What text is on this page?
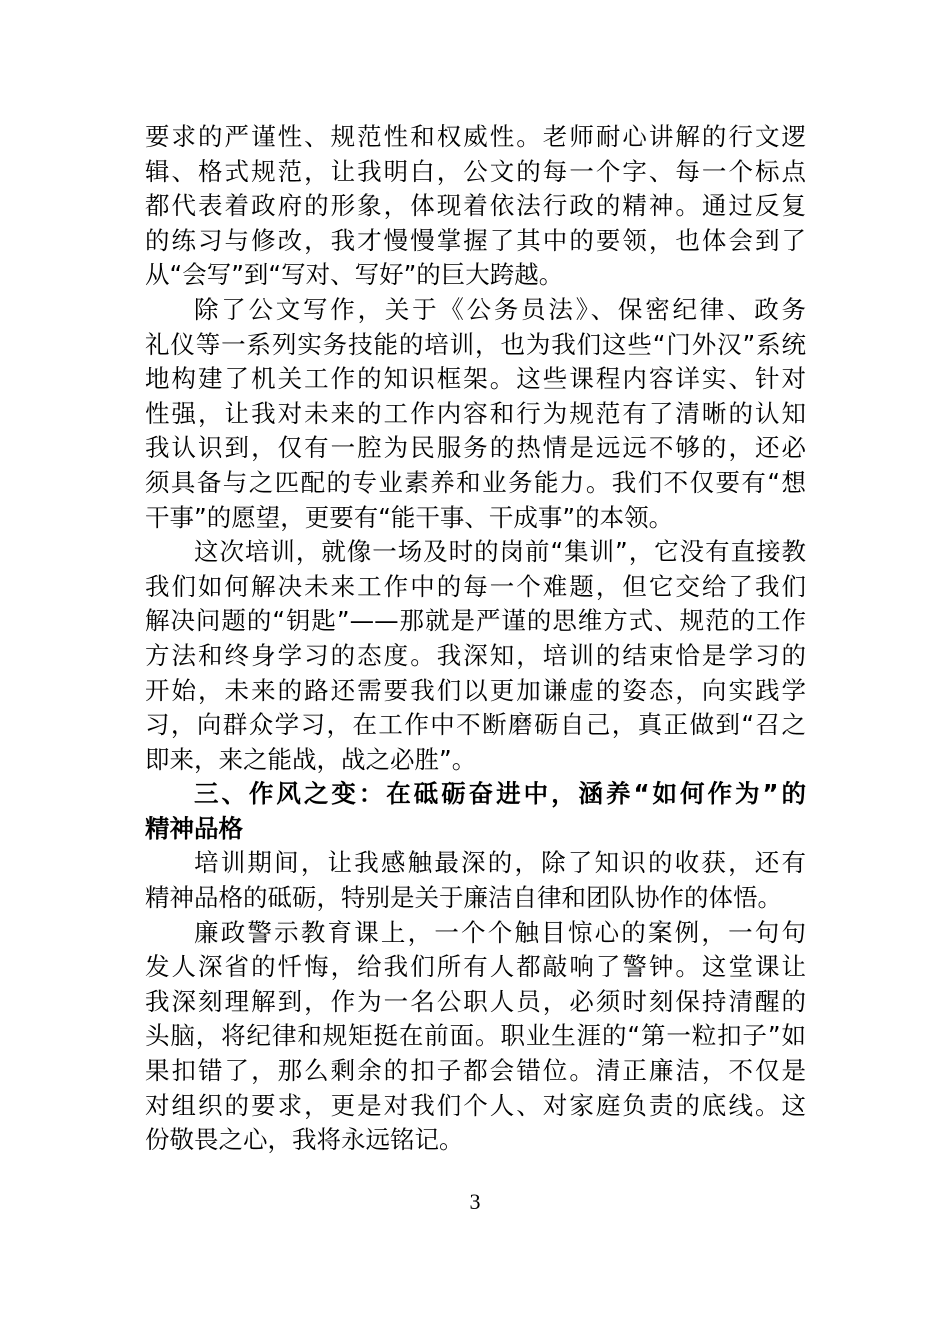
要求的严谨性、规范性和权威性。老师耐心讲解的行文逻
辑、格式规范，让我明白，公文的每一个字、每一个标点
都代表着政府的形象，体现着依法行政的精神。通过反复
的练习与修改，我才慢慢掌握了其中的要领，也体会到了
从“会写”到“写对、写好”的巨大跨越。
除了公文写作，关于《公务员法》、保密纪律、政务
礼仪等一系列实务技能的培训，也为我们这些“门外汉”系统
地构建了机关工作的知识框架。这些课程内容详实、针对
性强，让我对未来的工作内容和行为规范有了清晰的认知
我认识到，仅有一腔为民服务的热情是远远不够的，还必
须具备与之匹配的专业素养和业务能力。我们不仅要有“想
干事”的愿望，更要有“能干事、干成事”的本领。
这次培训，就像一场及时的岗前“集训”，它没有直接教
我们如何解决未来工作中的每一个难题，但它交给了我们
解决问题的“钥匙”——那就是严谨的思维方式、规范的工作
方法和终身学习的态度。我深知，培训的结束恰是学习的
开始，未来的路还需要我们以更加谦虚的姿态，向实践学
习，向群众学习，在工作中不断磨砺自己，真正做到“召之
即来，来之能战，战之必胜”。
三、作风之变：在砥砺奋进中，涵养“如何作为”的
精神品格
培训期间，让我感触最深的，除了知识的收获，还有
精神品格的砥砺，特别是关于廉洁自律和团队协作的体悟。
廉政警示教育课上，一个个触目惊心的案例，一句句
发人深省的忏悔，给我们所有人都敲响了警钟。这堂课让
我深刻理解到，作为一名公职人员，必须时刻保持清醒的
头脑，将纪律和规矩挺在前面。职业生涯的“第一粒扣子”如
果扣错了，那么剩余的扣子都会错位。清正廉洁，不仅是
对组织的要求，更是对我们个人、对家庭负责的底线。这
份敬畏之心，我将永远铭记。
3
